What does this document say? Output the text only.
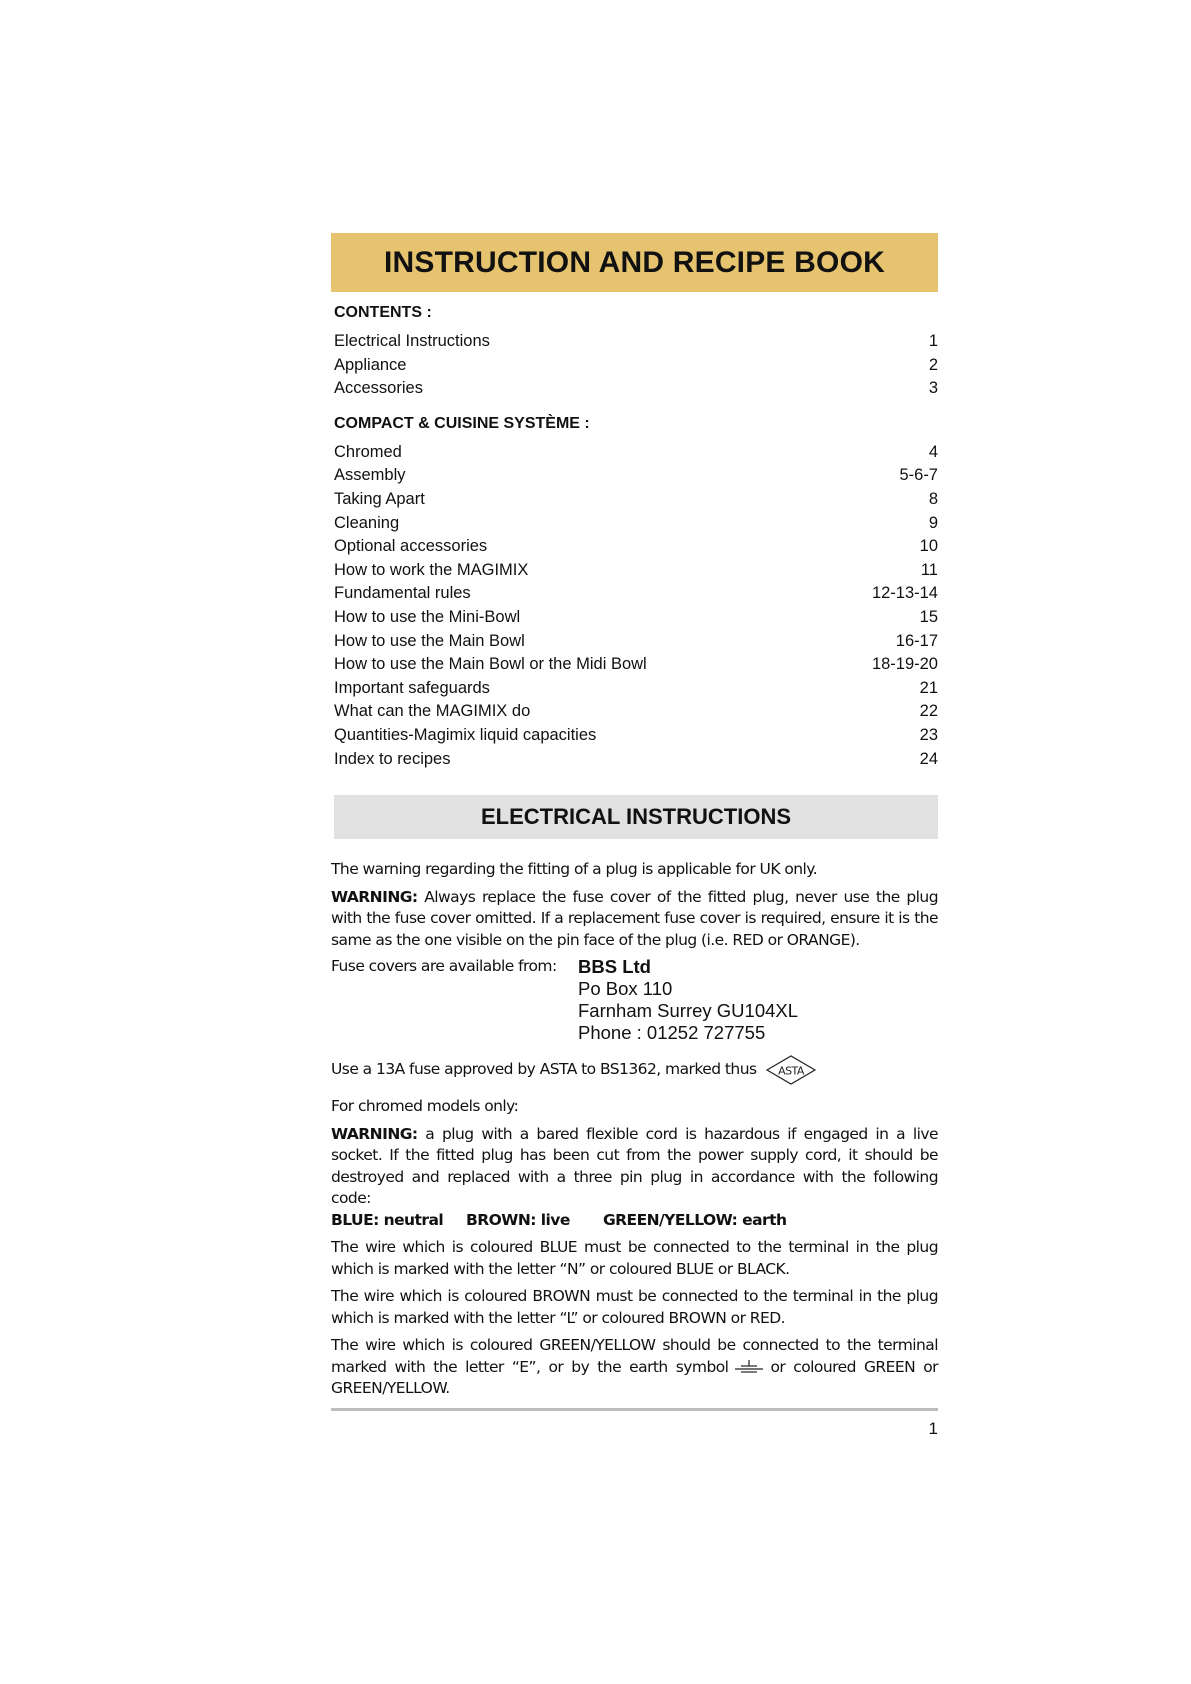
INSTRUCTION AND RECIPE BOOK
CONTENTS :
Electrical Instructions	1
Appliance	2
Accessories	3
COMPACT & CUISINE SYSTÈME :
Chromed	4
Assembly	5-6-7
Taking Apart	8
Cleaning	9
Optional accessories	10
How to work the MAGIMIX	11
Fundamental rules	12-13-14
How to use the Mini-Bowl	15
How to use the Main Bowl	16-17
How to use the Main Bowl or the Midi Bowl	18-19-20
Important safeguards	21
What can the MAGIMIX do	22
Quantities-Magimix liquid capacities	23
Index to recipes	24
ELECTRICAL INSTRUCTIONS

The warning regarding the fitting of a plug is applicable for UK only.

WARNING: Always replace the fuse cover of the fitted plug, never use the plug with the fuse cover omitted. If a replacement fuse cover is required, ensure it is the same as the one visible on the pin face of the plug (i.e. RED or ORANGE).

Fuse covers are available from:	BBS Ltd
Po Box 110
Farnham Surrey GU104XL
Phone : 01252 727755
Use a 13A fuse approved by ASTA to BS1362, marked thus ASTA

For chromed models only:

WARNING: a plug with a bared flexible cord is hazardous if engaged in a live socket. If the fitted plug has been cut from the power supply cord, it should be destroyed and replaced with a three pin plug in accordance with the following code:

BLUE: neutral	BROWN: live	GREEN/YELLOW: earth

The wire which is coloured BLUE must be connected to the terminal in the plug which is marked with the letter “N” or coloured BLUE or BLACK.

The wire which is coloured BROWN must be connected to the terminal in the plug which is marked with the letter “L” or coloured BROWN or RED.

The wire which is coloured GREEN/YELLOW should be connected to the terminal marked with the letter “E”, or by the earth symbol	or coloured GREEN or GREEN/YELLOW.

1
